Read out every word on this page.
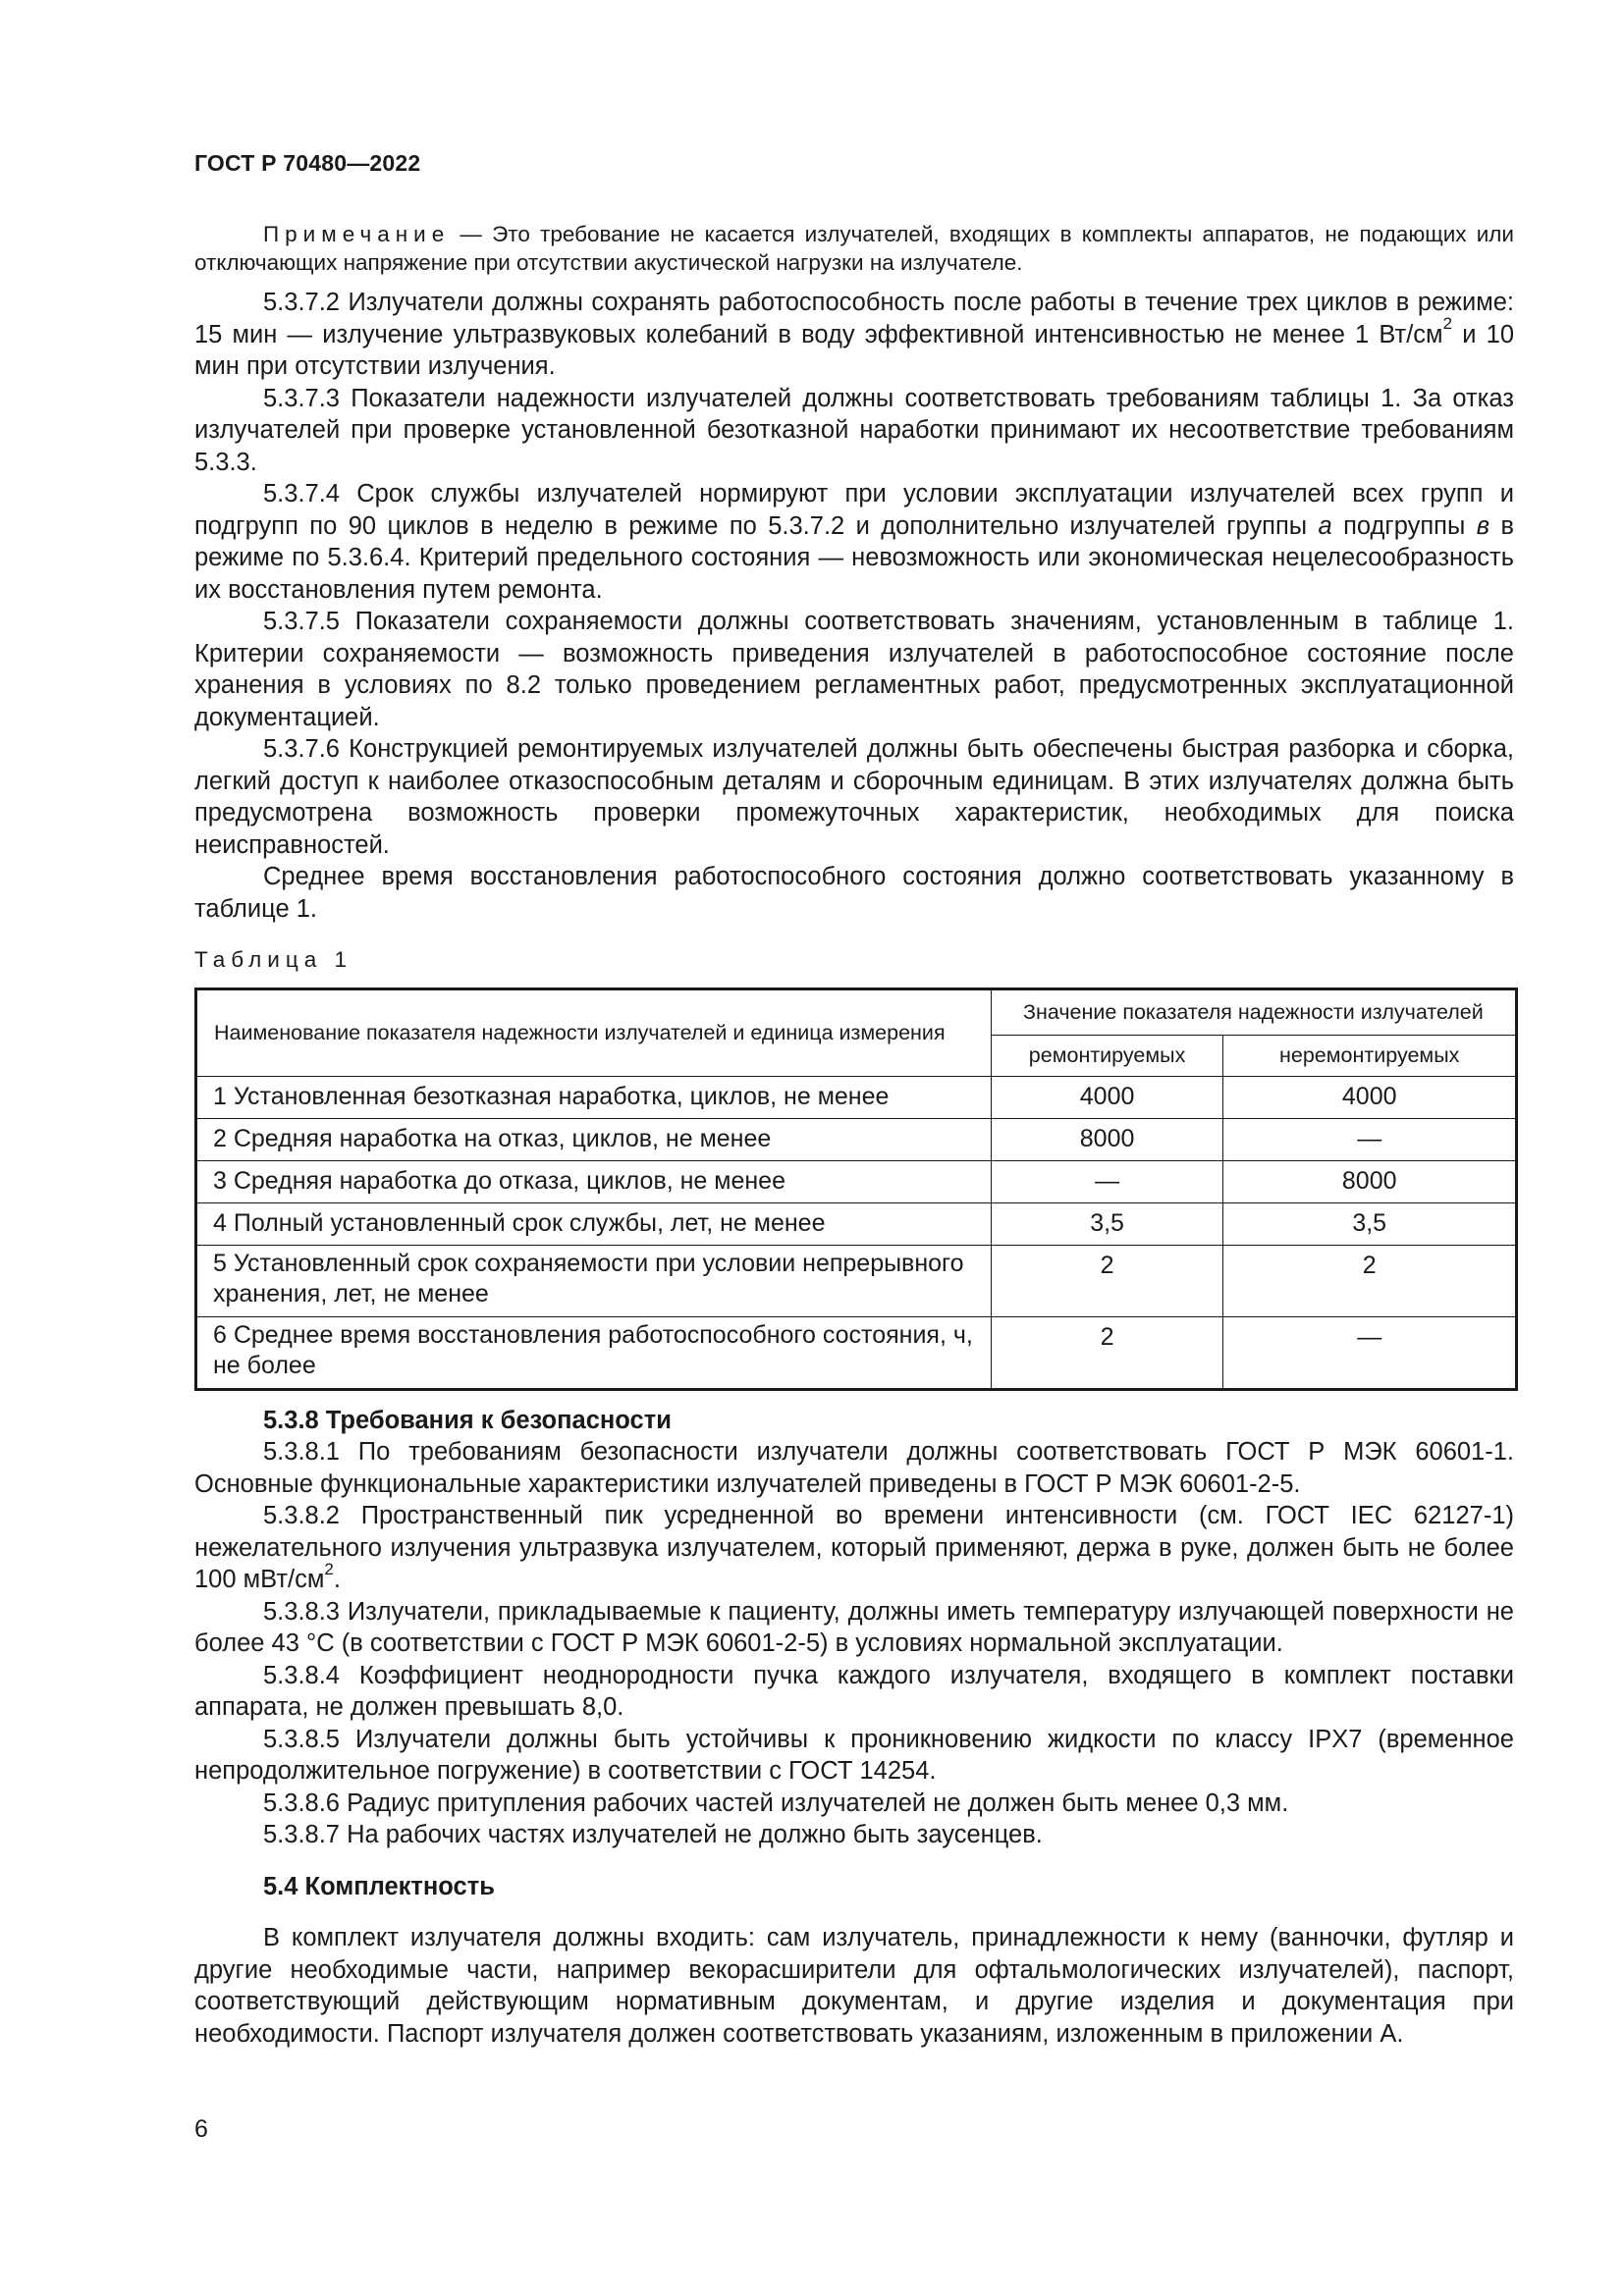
ГОСТ Р 70480—2022

Примечание — Это требование не касается излучателей, входящих в комплекты аппаратов, не подающих или отключающих напряжение при отсутствии акустической нагрузки на излучателе.

5.3.7.2 Излучатели должны сохранять работоспособность после работы в течение трех циклов в режиме: 15 мин — излучение ультразвуковых колебаний в воду эффективной интенсивностью не менее 1 $Вт/см^2$ и 10 мин при отсутствии излучения.

5.3.7.3 Показатели надежности излучателей должны соответствовать требованиям таблицы 1. За отказ излучателей при проверке установленной безотказной наработки принимают их несоответствие требованиям 5.3.3.

5.3.7.4 Срок службы излучателей нормируют при условии эксплуатации излучателей всех групп и подгрупп по 90 циклов в неделю в режиме по 5.3.7.2 и дополнительно излучателей группы а подгруппы в в режиме по 5.3.6.4. Критерий предельного состояния — невозможность или экономическая нецелесообразность их восстановления путем ремонта.

5.3.7.5 Показатели сохраняемости должны соответствовать значениям, установленным в таблице 1. Критерии сохраняемости — возможность приведения излучателей в работоспособное состояние после хранения в условиях по 8.2 только проведением регламентных работ, предусмотренных эксплуатационной документацией.

5.3.7.6 Конструкцией ремонтируемых излучателей должны быть обеспечены быстрая разборка и сборка, легкий доступ к наиболее отказоспособным деталям и сборочным единицам. В этих излучателях должна быть предусмотрена возможность проверки промежуточных характеристик, необходимых для поиска неисправностей.

Среднее время восстановления работоспособного состояния должно соответствовать указанному в таблице 1.

Таблица 1
Наименование показателя надежности излучателей и единица измерения	Значение показателя надежности излучателей	
	ремонтируемых	неремонтируемых
1 Установленная безотказная наработка, циклов, не менее	4000	4000
2 Средняя наработка на отказ, циклов, не менее	8000	—
3 Средняя наработка до отказа, циклов, не менее	—	8000
4 Полный установленный срок службы, лет, не менее	3,5	3,5
5 Установленный срок сохраняемости при условии непрерывного хранения, лет, не менее	2	2
6 Среднее время восстановления работоспособного состояния, ч, не более	2	—

5.3.8 Требования к безопасности

5.3.8.1 По требованиям безопасности излучатели должны соответствовать ГОСТ Р МЭК 60601-1. Основные функциональные характеристики излучателей приведены в ГОСТ Р МЭК 60601-2-5.

5.3.8.2 Пространственный пик усредненной во времени интенсивности (см. ГОСТ IEC 62127-1) нежелательного излучения ультразвука излучателем, который применяют, держа в руке, должен быть не более 100 мВт/$см^2$.

5.3.8.3 Излучатели, прикладываемые к пациенту, должны иметь температуру излучающей поверхности не более 43 °С (в соответствии с ГОСТ Р МЭК 60601-2-5) в условиях нормальной эксплуатации.

5.3.8.4 Коэффициент неоднородности пучка каждого излучателя, входящего в комплект поставки аппарата, не должен превышать 8,0.

5.3.8.5 Излучатели должны быть устойчивы к проникновению жидкости по классу IPX7 (временное непродолжительное погружение) в соответствии с ГОСТ 14254.

5.3.8.6 Радиус притупления рабочих частей излучателей не должен быть менее 0,3 мм.

5.3.8.7 На рабочих частях излучателей не должно быть заусенцев.

5.4 Комплектность

В комплект излучателя должны входить: сам излучатель, принадлежности к нему (ванночки, футляр и другие необходимые части, например векорасширители для офтальмологических излучателей), паспорт, соответствующий действующим нормативным документам, и другие изделия и документация при необходимости. Паспорт излучателя должен соответствовать указаниям, изложенным в приложении А.

6
